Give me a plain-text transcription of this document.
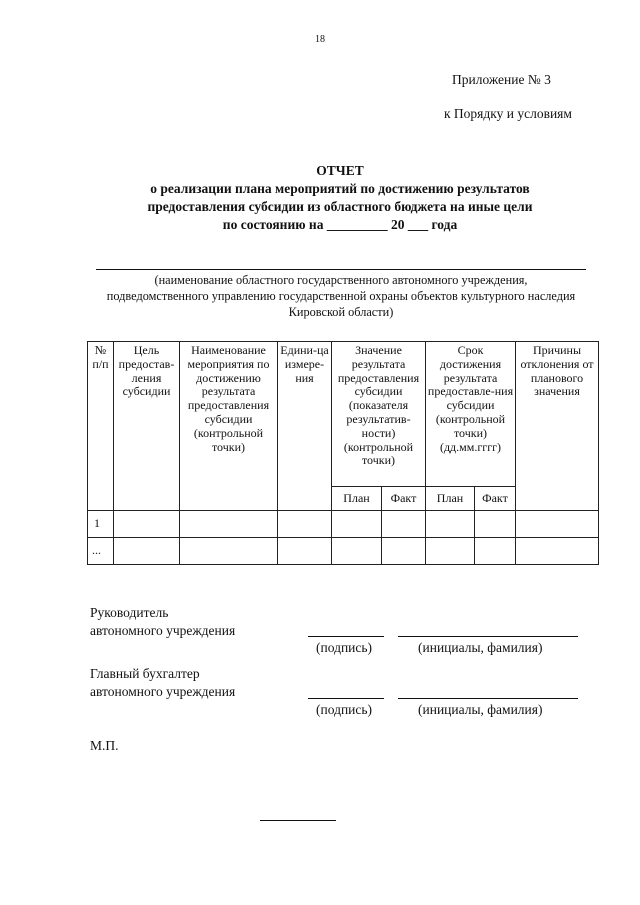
18
Приложение № 3
к Порядку и условиям
ОТЧЕТ
о реализации плана мероприятий по достижению результатов
предоставления субсидии из областного бюджета на иные цели
по состоянию на _________ 20 ___ года
(наименование областного государственного автономного учреждения,
подведомственного управлению государственной охраны объектов культурного наследия
Кировской области)
№ п/п	Цель предостав-ления субсидии	Наименование мероприятия по достижению результата предоставления субсидии (контрольной точки)	Едини-ца измере-ния	Значение результата предоставления субсидии (показателя результатив-ности) (контрольной точки)		Срок достижения результата предоставле-ния субсидии (контрольной точки) (дд.мм.гггг)		Причины отклонения от планового значения
				План	Факт	План	Факт	
1								
...								
Руководитель
автономного учреждения
(подпись)	(инициалы, фамилия)
Главный бухгалтер
автономного учреждения
(подпись)	(инициалы, фамилия)
М.П.
